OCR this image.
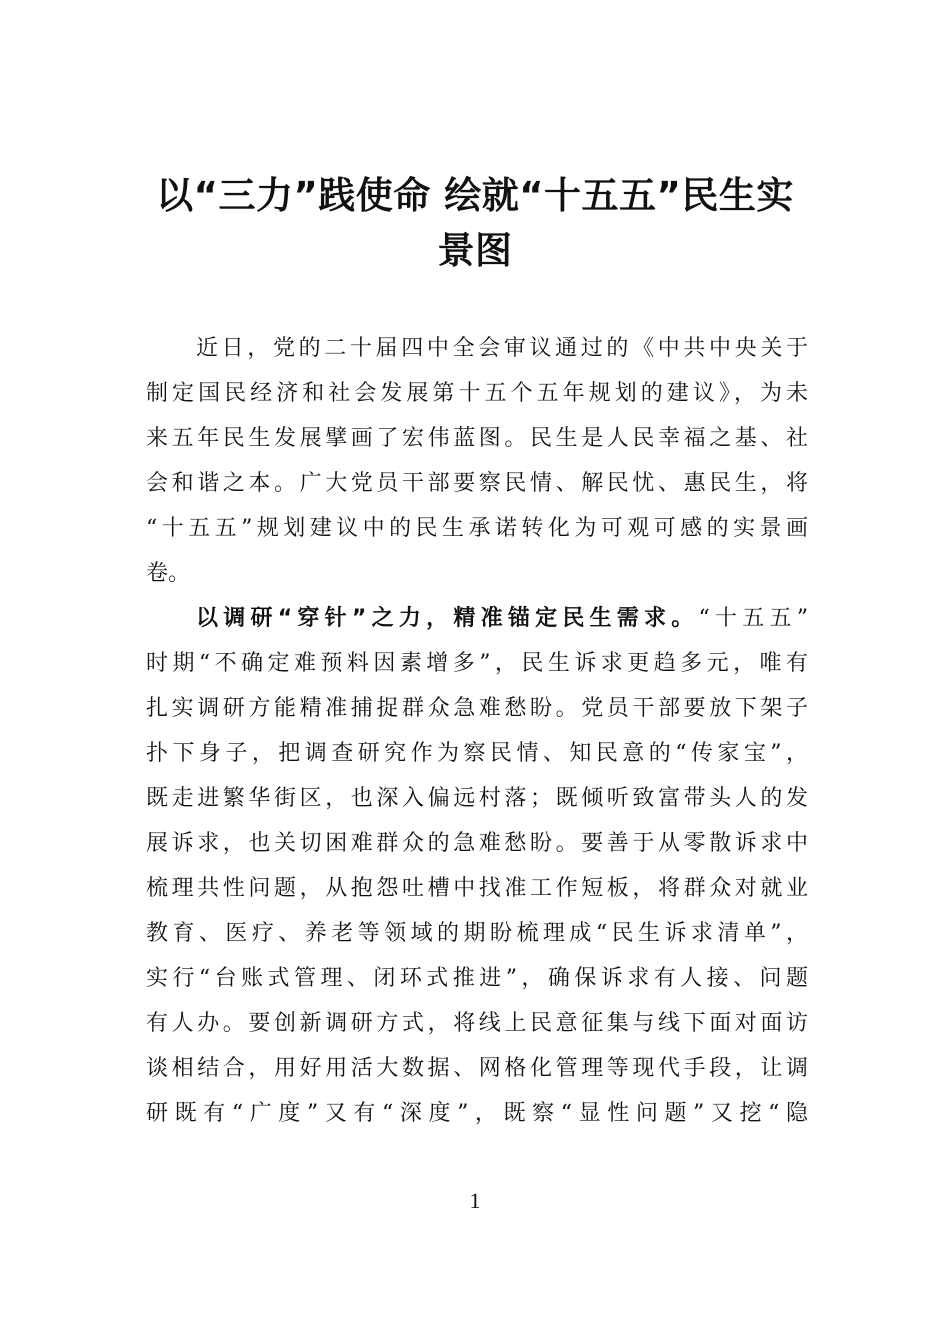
以“三力”践使命 绘就“十五五”民生实
景图
近日，党的二十届四中全会审议通过的《中共中央关于
制定国民经济和社会发展第十五个五年规划的建议》，为未
来五年民生发展擘画了宏伟蓝图。民生是人民幸福之基、社
会和谐之本。广大党员干部要察民情、解民忧、惠民生，将
“十五五”规划建议中的民生承诺转化为可观可感的实景画
卷。
以调研“穿针”之力，精准锚定民生需求。“十五五”
时期“不确定难预料因素增多”，民生诉求更趋多元，唯有
扎实调研方能精准捕捉群众急难愁盼。党员干部要放下架子
扑下身子，把调查研究作为察民情、知民意的“传家宝”，
既走进繁华街区，也深入偏远村落；既倾听致富带头人的发
展诉求，也关切困难群众的急难愁盼。要善于从零散诉求中
梳理共性问题，从抱怨吐槽中找准工作短板，将群众对就业
教育、医疗、养老等领域的期盼梳理成“民生诉求清单”，
实行“台账式管理、闭环式推进”，确保诉求有人接、问题
有人办。要创新调研方式，将线上民意征集与线下面对面访
谈相结合，用好用活大数据、网格化管理等现代手段，让调
研既有“广度”又有“深度”，既察“显性问题”又挖“隐
1
